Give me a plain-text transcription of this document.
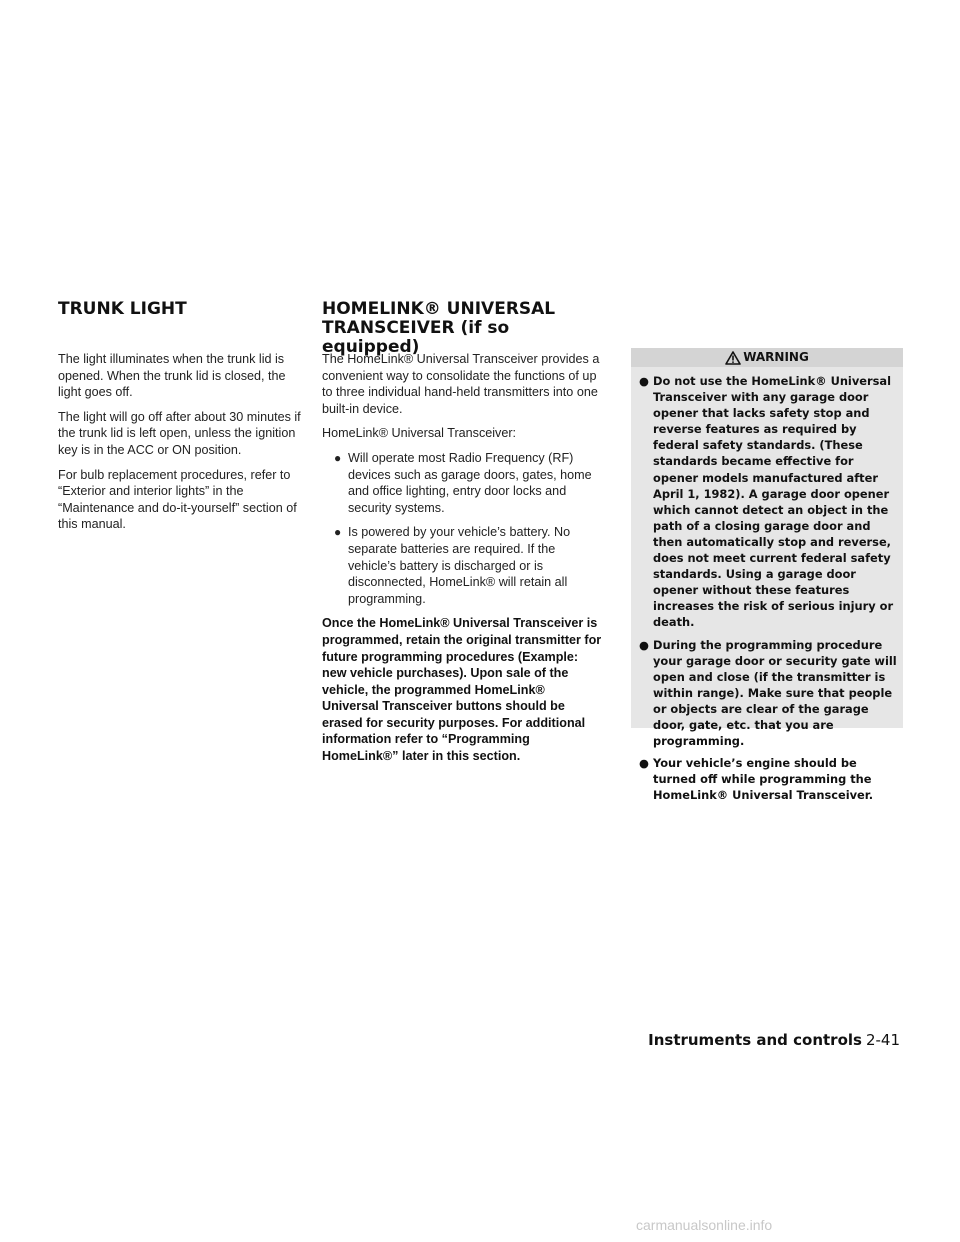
TRUNK LIGHT	HOMELINK® UNIVERSAL
TRANSCEIVER (if so equipped)

The light illuminates when the trunk lid is opened. When the trunk lid is closed, the light goes off.

The light will go off after about 30 minutes if the trunk lid is left open, unless the ignition key is in the ACC or ON position.

For bulb replacement procedures, refer to “Exterior and interior lights” in the “Maintenance and do-it-yourself” section of this manual.

The HomeLink® Universal Transceiver provides a convenient way to consolidate the functions of up to three individual hand-held transmitters into one built-in device.

HomeLink® Universal Transceiver:

● Will operate most Radio Frequency (RF) devices such as garage doors, gates, home and office lighting, entry door locks and security systems.
● Is powered by your vehicle’s battery. No separate batteries are required. If the vehicle’s battery is discharged or is disconnected, HomeLink® will retain all programming.

Once the HomeLink® Universal Transceiver is programmed, retain the original transmitter for future programming procedures (Example: new vehicle purchases). Upon sale of the vehicle, the programmed HomeLink® Universal Transceiver buttons should be erased for security purposes. For additional information refer to “Programming HomeLink®” later in this section.

WARNING
● Do not use the HomeLink® Universal Transceiver with any garage door opener that lacks safety stop and reverse features as required by federal safety standards. (These standards became effective for opener models manufactured after April 1, 1982). A garage door opener which cannot detect an object in the path of a closing garage door and then automatically stop and reverse, does not meet current federal safety standards. Using a garage door opener without these features increases the risk of serious injury or death.
● During the programming procedure your garage door or security gate will open and close (if the transmitter is within range). Make sure that people or objects are clear of the garage door, gate, etc. that you are programming.
● Your vehicle’s engine should be turned off while programming the HomeLink® Universal Transceiver.
Instruments and controls 2-41
carmanualsonline.info
